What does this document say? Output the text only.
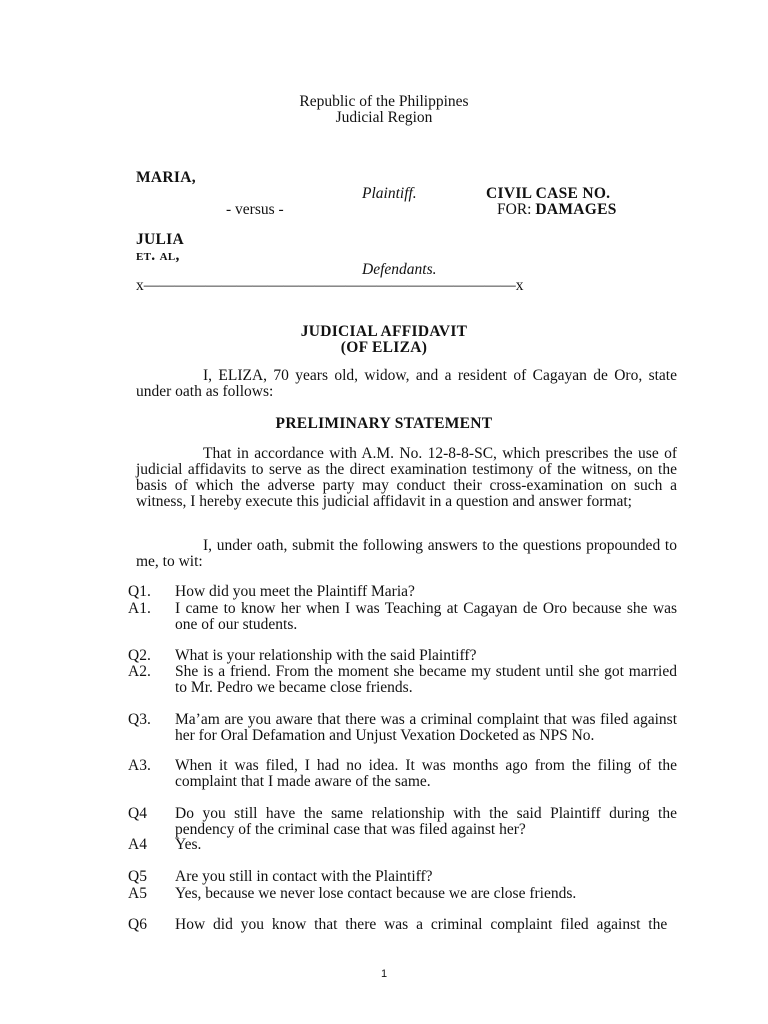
Republic of the Philippines
Judicial Region
MARIA,
Plaintiff.	CIVIL CASE NO.
- versus -	FOR: DAMAGES
JULIA
et. al,
Defendants.
x————————————————————————x
JUDICIAL AFFIDAVIT
(OF ELIZA)
I, ELIZA, 70 years old, widow, and a resident of Cagayan de Oro, state under oath as follows:
PRELIMINARY STATEMENT
That in accordance with A.M. No. 12-8-8-SC, which prescribes the use of judicial affidavits to serve as the direct examination testimony of the witness, on the basis of which the adverse party may conduct their cross-examination on such a witness, I hereby execute this judicial affidavit in a question and answer format;
I, under oath, submit the following answers to the questions propounded to me, to wit:
Q1.	How did you meet the Plaintiff Maria?
A1.	I came to know her when I was Teaching at Cagayan de Oro because she was one of our students.
Q2.	What is your relationship with the said Plaintiff?
A2.	She is a friend. From the moment she became my student until she got married to Mr. Pedro we became close friends.
Q3.	Ma’am are you aware that there was a criminal complaint that was filed against her for Oral Defamation and Unjust Vexation Docketed as NPS No.
A3.	When it was filed, I had no idea. It was months ago from the filing of the complaint that I made aware of the same.
Q4	Do you still have the same relationship with the said Plaintiff during the pendency of the criminal case that was filed against her?
A4	Yes.
Q5	Are you still in contact with the Plaintiff?
A5	Yes, because we never lose contact because we are close friends.
Q6	How did you know that there was a criminal complaint filed against the
1
